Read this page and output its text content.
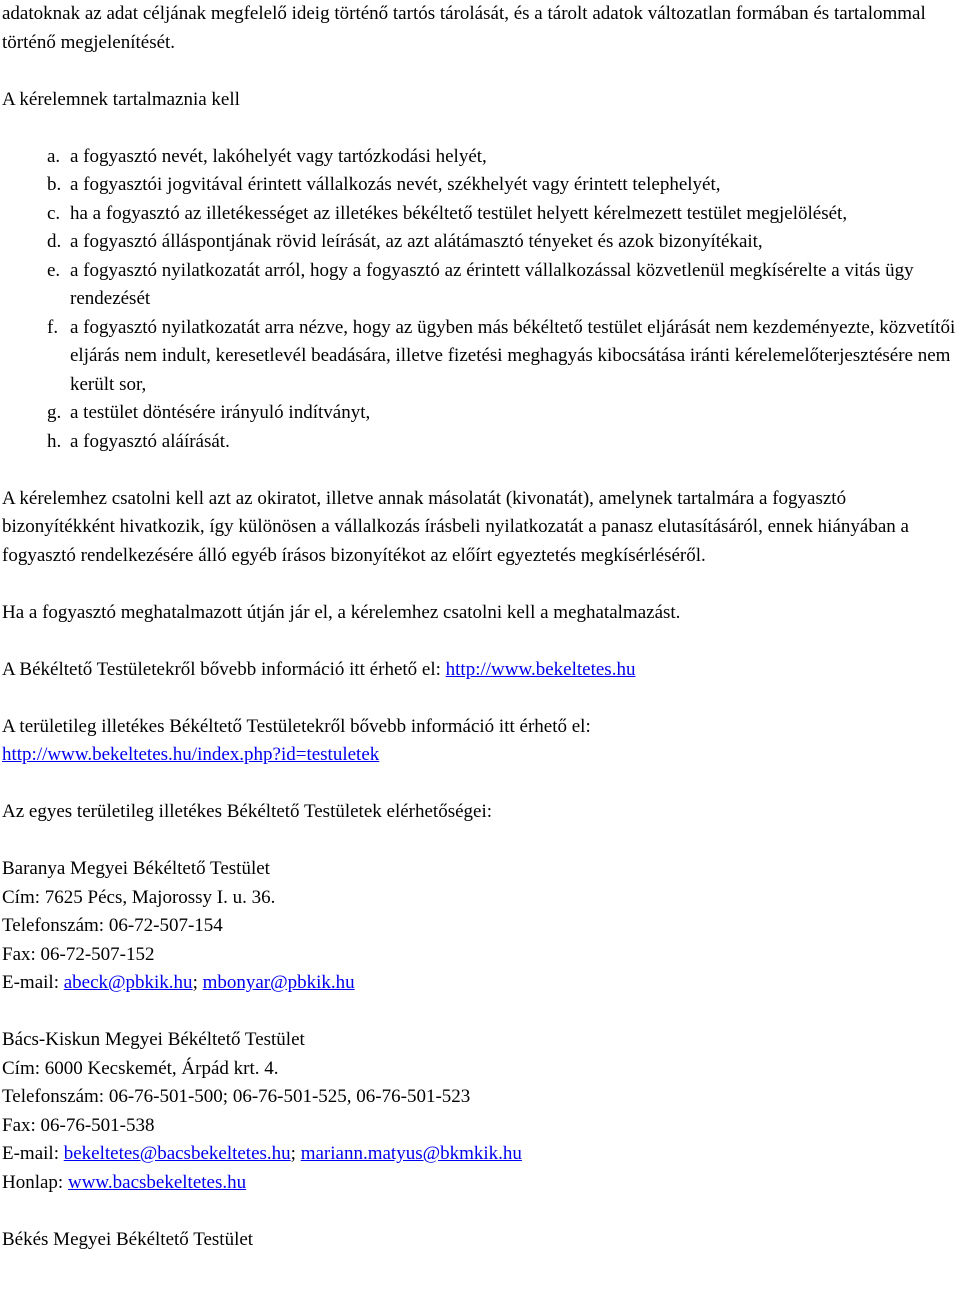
adatoknak az adat céljának megfelelő ideig történő tartós tárolását, és a tárolt adatok változatlan formában és tartalommal történő megjelenítését.

A kérelemnek tartalmaznia kell

a. a fogyasztó nevét, lakóhelyét vagy tartózkodási helyét,
b. a fogyasztói jogvitával érintett vállalkozás nevét, székhelyét vagy érintett telephelyét,
c. ha a fogyasztó az illetékességet az illetékes békéltető testület helyett kérelmezett testület megjelölését,
d. a fogyasztó álláspontjának rövid leírását, az azt alátámasztó tényeket és azok bizonyítékait,
e. a fogyasztó nyilatkozatát arról, hogy a fogyasztó az érintett vállalkozással közvetlenül megkísérelte a vitás ügy rendezését
f. a fogyasztó nyilatkozatát arra nézve, hogy az ügyben más békéltető testület eljárását nem kezdeményezte, közvetítői eljárás nem indult, keresetlevél beadására, illetve fizetési meghagyás kibocsátása iránti kérelemelőterjesztésére nem került sor,
g. a testület döntésére irányuló indítványt,
h. a fogyasztó aláírását.

A kérelemhez csatolni kell azt az okiratot, illetve annak másolatát (kivonatát), amelynek tartalmára a fogyasztó bizonyítékként hivatkozik, így különösen a vállalkozás írásbeli nyilatkozatát a panasz elutasításáról, ennek hiányában a fogyasztó rendelkezésére álló egyéb írásos bizonyítékot az előírt egyeztetés megkísérléséről.

Ha a fogyasztó meghatalmazott útján jár el, a kérelemhez csatolni kell a meghatalmazást.

A Békéltető Testületekről bővebb információ itt érhető el: http://www.bekeltetes.hu

A területileg illetékes Békéltető Testületekről bővebb információ itt érhető el:

http://www.bekeltetes.hu/index.php?id=testuletek

Az egyes területileg illetékes Békéltető Testületek elérhetőségei:

Baranya Megyei Békéltető Testület

Cím: 7625 Pécs, Majorossy I. u. 36.

Telefonszám: 06-72-507-154

Fax: 06-72-507-152

E-mail: abeck@pbkik.hu; mbonyar@pbkik.hu

Bács-Kiskun Megyei Békéltető Testület

Cím: 6000 Kecskemét, Árpád krt. 4.

Telefonszám: 06-76-501-500; 06-76-501-525, 06-76-501-523

Fax: 06-76-501-538

E-mail: bekeltetes@bacsbekeltetes.hu; mariann.matyus@bkmkik.hu

Honlap: www.bacsbekeltetes.hu

Békés Megyei Békéltető Testület
